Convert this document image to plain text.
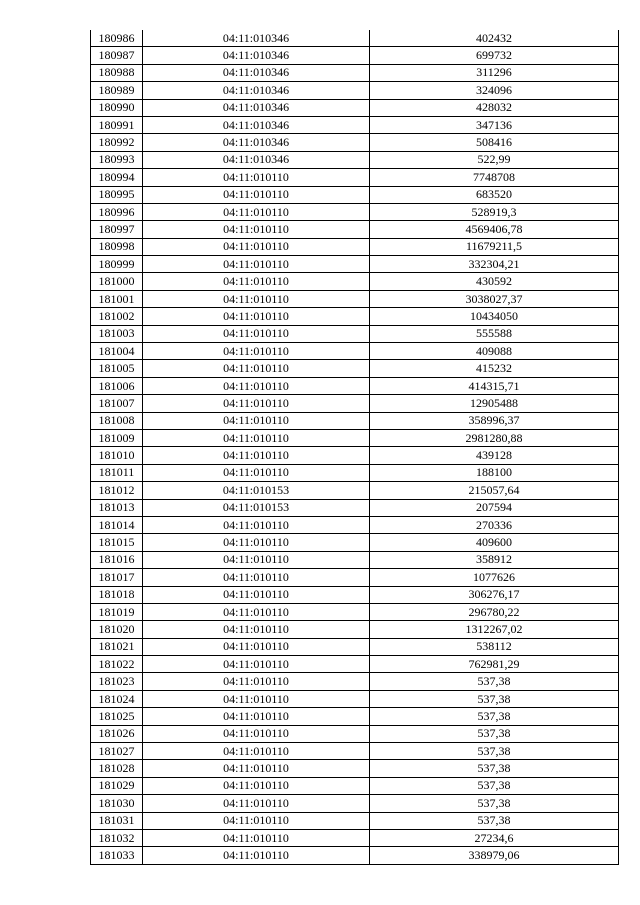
180986	04:11:010346	402432
180987	04:11:010346	699732
180988	04:11:010346	311296
180989	04:11:010346	324096
180990	04:11:010346	428032
180991	04:11:010346	347136
180992	04:11:010346	508416
180993	04:11:010346	522,99
180994	04:11:010110	7748708
180995	04:11:010110	683520
180996	04:11:010110	528919,3
180997	04:11:010110	4569406,78
180998	04:11:010110	11679211,5
180999	04:11:010110	332304,21
181000	04:11:010110	430592
181001	04:11:010110	3038027,37
181002	04:11:010110	10434050
181003	04:11:010110	555588
181004	04:11:010110	409088
181005	04:11:010110	415232
181006	04:11:010110	414315,71
181007	04:11:010110	12905488
181008	04:11:010110	358996,37
181009	04:11:010110	2981280,88
181010	04:11:010110	439128
181011	04:11:010110	188100
181012	04:11:010153	215057,64
181013	04:11:010153	207594
181014	04:11:010110	270336
181015	04:11:010110	409600
181016	04:11:010110	358912
181017	04:11:010110	1077626
181018	04:11:010110	306276,17
181019	04:11:010110	296780,22
181020	04:11:010110	1312267,02
181021	04:11:010110	538112
181022	04:11:010110	762981,29
181023	04:11:010110	537,38
181024	04:11:010110	537,38
181025	04:11:010110	537,38
181026	04:11:010110	537,38
181027	04:11:010110	537,38
181028	04:11:010110	537,38
181029	04:11:010110	537,38
181030	04:11:010110	537,38
181031	04:11:010110	537,38
181032	04:11:010110	27234,6
181033	04:11:010110	338979,06
